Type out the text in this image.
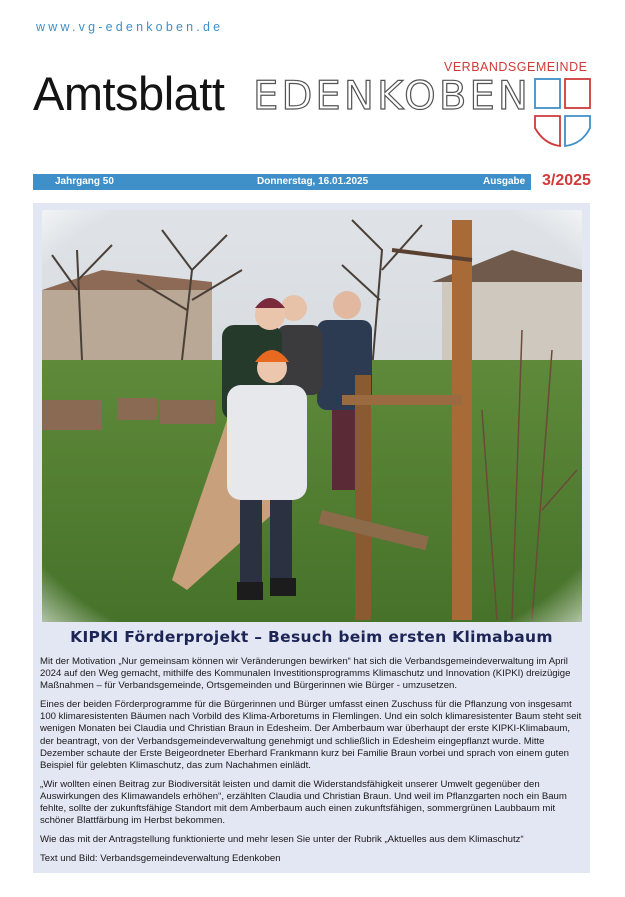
www.vg-edenkoben.de
Amtsblatt	VERBANDSGEMEINDE
EDENKOBEN
Jahrgang 50	Donnerstag, 16.01.2025	Ausgabe 3/2025
KIPKI Förderprojekt – Besuch beim ersten Klimabaum

Mit der Motivation „Nur gemeinsam können wir Veränderungen bewirken“ hat sich die Verbandsgemeindeverwaltung im April 2024 auf den Weg gemacht, mithilfe des Kommunalen Investitionsprogramms Klimaschutz und Innovation (KIPKI) dreizügige Maßnahmen – für Verbandsgemeinde, Ortsgemeinden und Bürgerinnen wie Bürger - umzusetzen.

Eines der beiden Förderprogramme für die Bürgerinnen und Bürger umfasst einen Zuschuss für die Pflanzung von insgesamt 100 klimaresistenten Bäumen nach Vorbild des Klima-Arboretums in Flemlingen. Und ein solch klimaresistenter Baum steht seit wenigen Monaten bei Claudia und Christian Braun in Edesheim. Der Amberbaum war überhaupt der erste KIPKI-Klimabaum, der beantragt, von der Verbandsgemeindeverwaltung genehmigt und schließlich in Edesheim eingepflanzt wurde. Mitte Dezember schaute der Erste Beigeordneter Eberhard Frankmann kurz bei Familie Braun vorbei und sprach von einem guten Beispiel für gelebten Klimaschutz, das zum Nachahmen einlädt.

„Wir wollten einen Beitrag zur Biodiversität leisten und damit die Widerstandsfähigkeit unserer Umwelt gegenüber den Auswirkungen des Klimawandels erhöhen“, erzählten Claudia und Christian Braun. Und weil im Pflanzgarten noch ein Baum fehlte, sollte der zukunftsfähige Standort mit dem Amberbaum auch einen zukunftsfähigen, sommergrünen Laubbaum mit schöner Blattfärbung im Herbst bekommen.

Wie das mit der Antragstellung funktionierte und mehr lesen Sie unter der Rubrik „Aktuelles aus dem Klimaschutz“

Text und Bild: Verbandsgemeindeverwaltung Edenkoben
